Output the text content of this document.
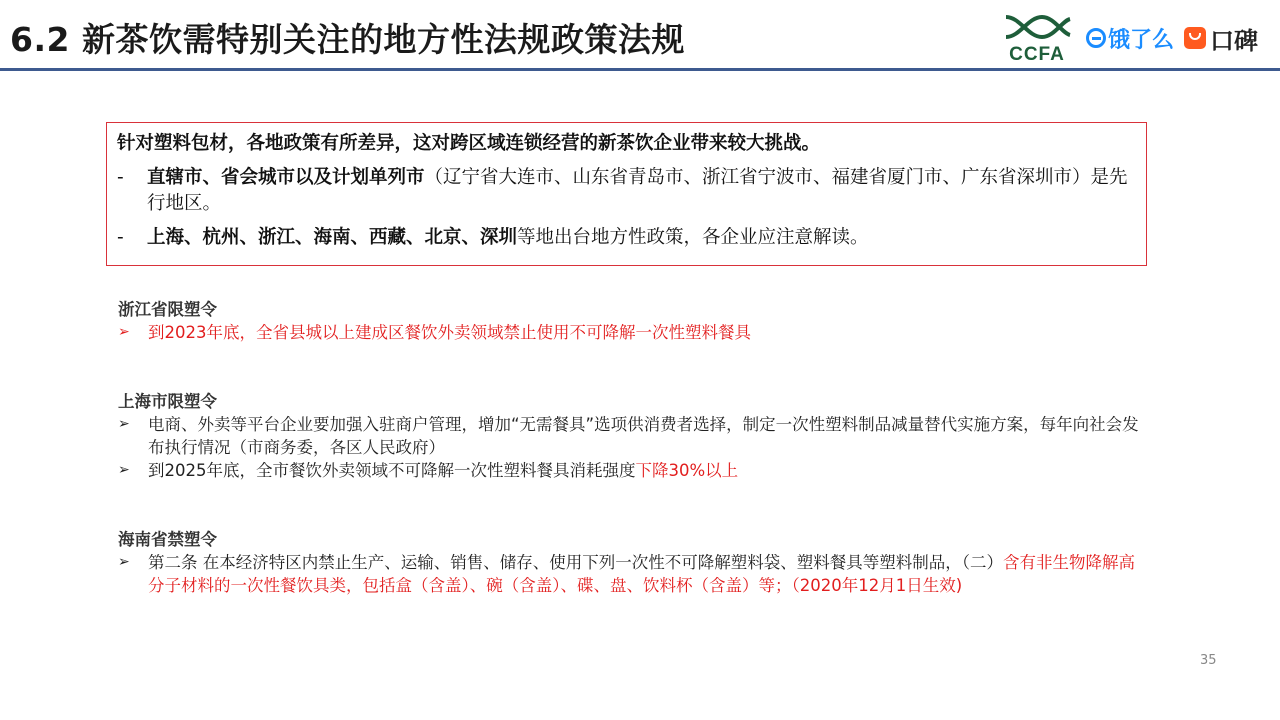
6.2 新茶饮需特别关注的地方性法规政策法规	CCFA
饿了么 口碑
针对塑料包材，各地政策有所差异，这对跨区域连锁经营的新茶饮企业带来较大挑战。
-	直辖市、省会城市以及计划单列市（辽宁省大连市、山东省青岛市、浙江省宁波市、福建省厦门市、广东省深圳市）是先行地区。
-	上海、杭州、浙江、海南、西藏、北京、深圳等地出台地方性政策，各企业应注意解读。
浙江省限塑令
➢	到2023年底，全省县城以上建成区餐饮外卖领域禁止使用不可降解一次性塑料餐具
上海市限塑令
➢	电商、外卖等平台企业要加强入驻商户管理，增加“无需餐具”选项供消费者选择，制定一次性塑料制品减量替代实施方案，每年向社会发布执行情况（市商务委，各区人民政府）
➢	到2025年底，全市餐饮外卖领域不可降解一次性塑料餐具消耗强度下降30%以上
海南省禁塑令
➢	第二条 在本经济特区内禁止生产、运输、销售、储存、使用下列一次性不可降解塑料袋、塑料餐具等塑料制品，（二）含有非生物降解高分子材料的一次性餐饮具类，包括盒（含盖）、碗（含盖）、碟、盘、饮料杯（含盖）等；（2020年12月1日生效)
35
